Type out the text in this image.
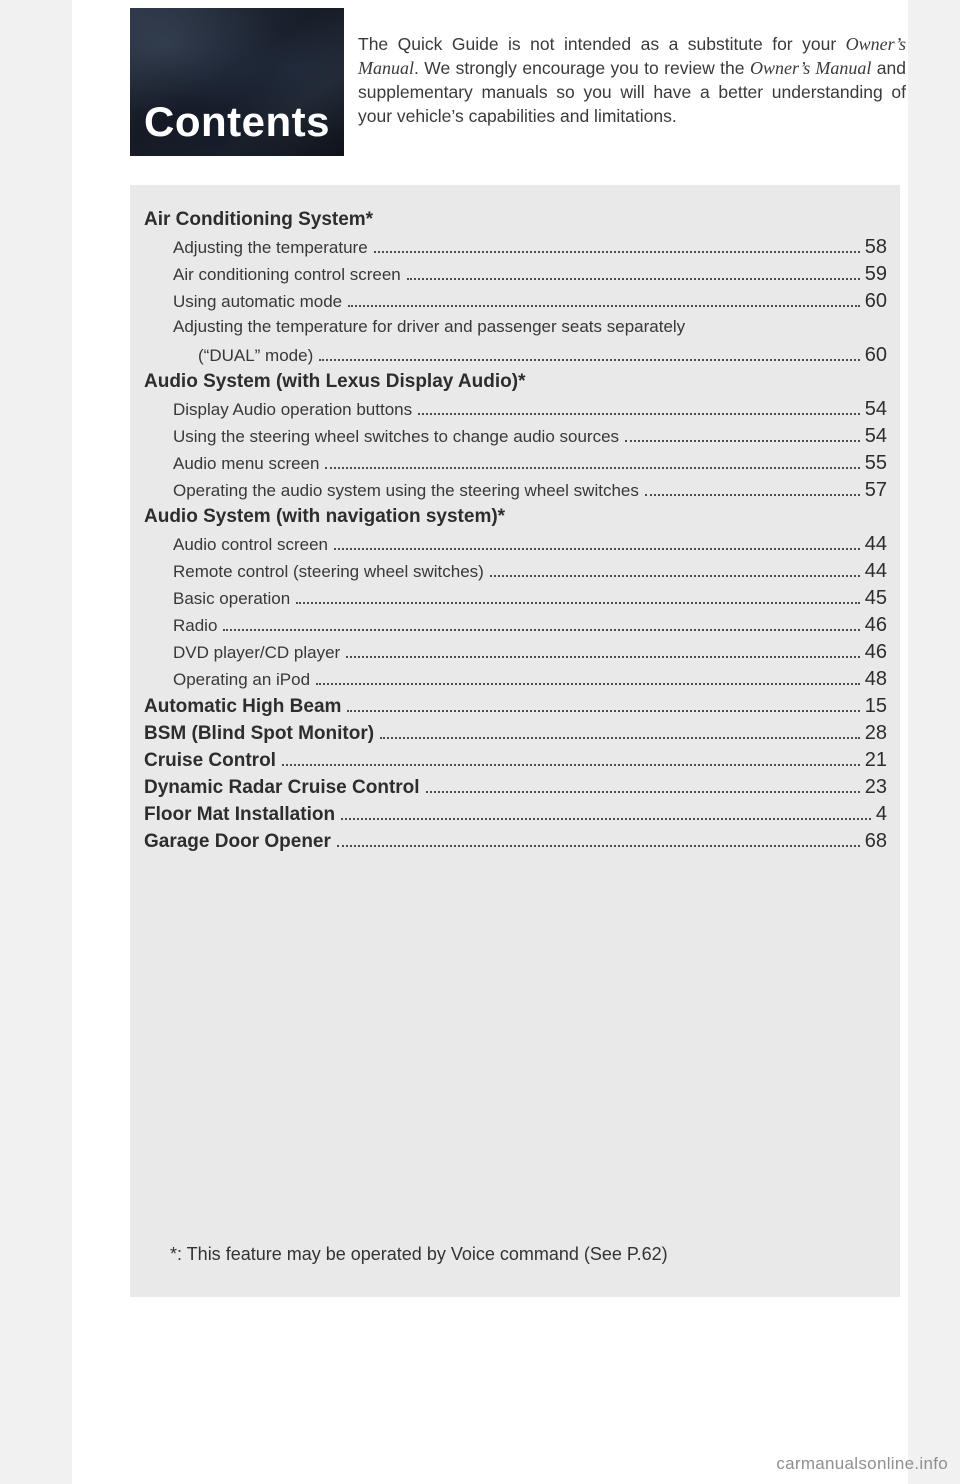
Contents
The Quick Guide is not intended as a substitute for your Owner’s Manual. We strongly encourage you to review the Owner’s Manual and supplementary manuals so you will have a better understanding of your vehicle’s capabilities and limitations.
Air Conditioning System*
Adjusting the temperature	58
Air conditioning control screen	59
Using automatic mode	60
Adjusting the temperature for driver and passenger seats separately
(“DUAL” mode)	60
Audio System (with Lexus Display Audio)*
Display Audio operation buttons	54
Using the steering wheel switches to change audio sources	54
Audio menu screen	55
Operating the audio system using the steering wheel switches	57
Audio System (with navigation system)*
Audio control screen	44
Remote control (steering wheel switches)	44
Basic operation	45
Radio	46
DVD player/CD player	46
Operating an iPod	48
Automatic High Beam	15
BSM (Blind Spot Monitor)	28
Cruise Control	21
Dynamic Radar Cruise Control	23
Floor Mat Installation	4
Garage Door Opener	68
*: This feature may be operated by Voice command (See P.62)
carmanualsonline.info
